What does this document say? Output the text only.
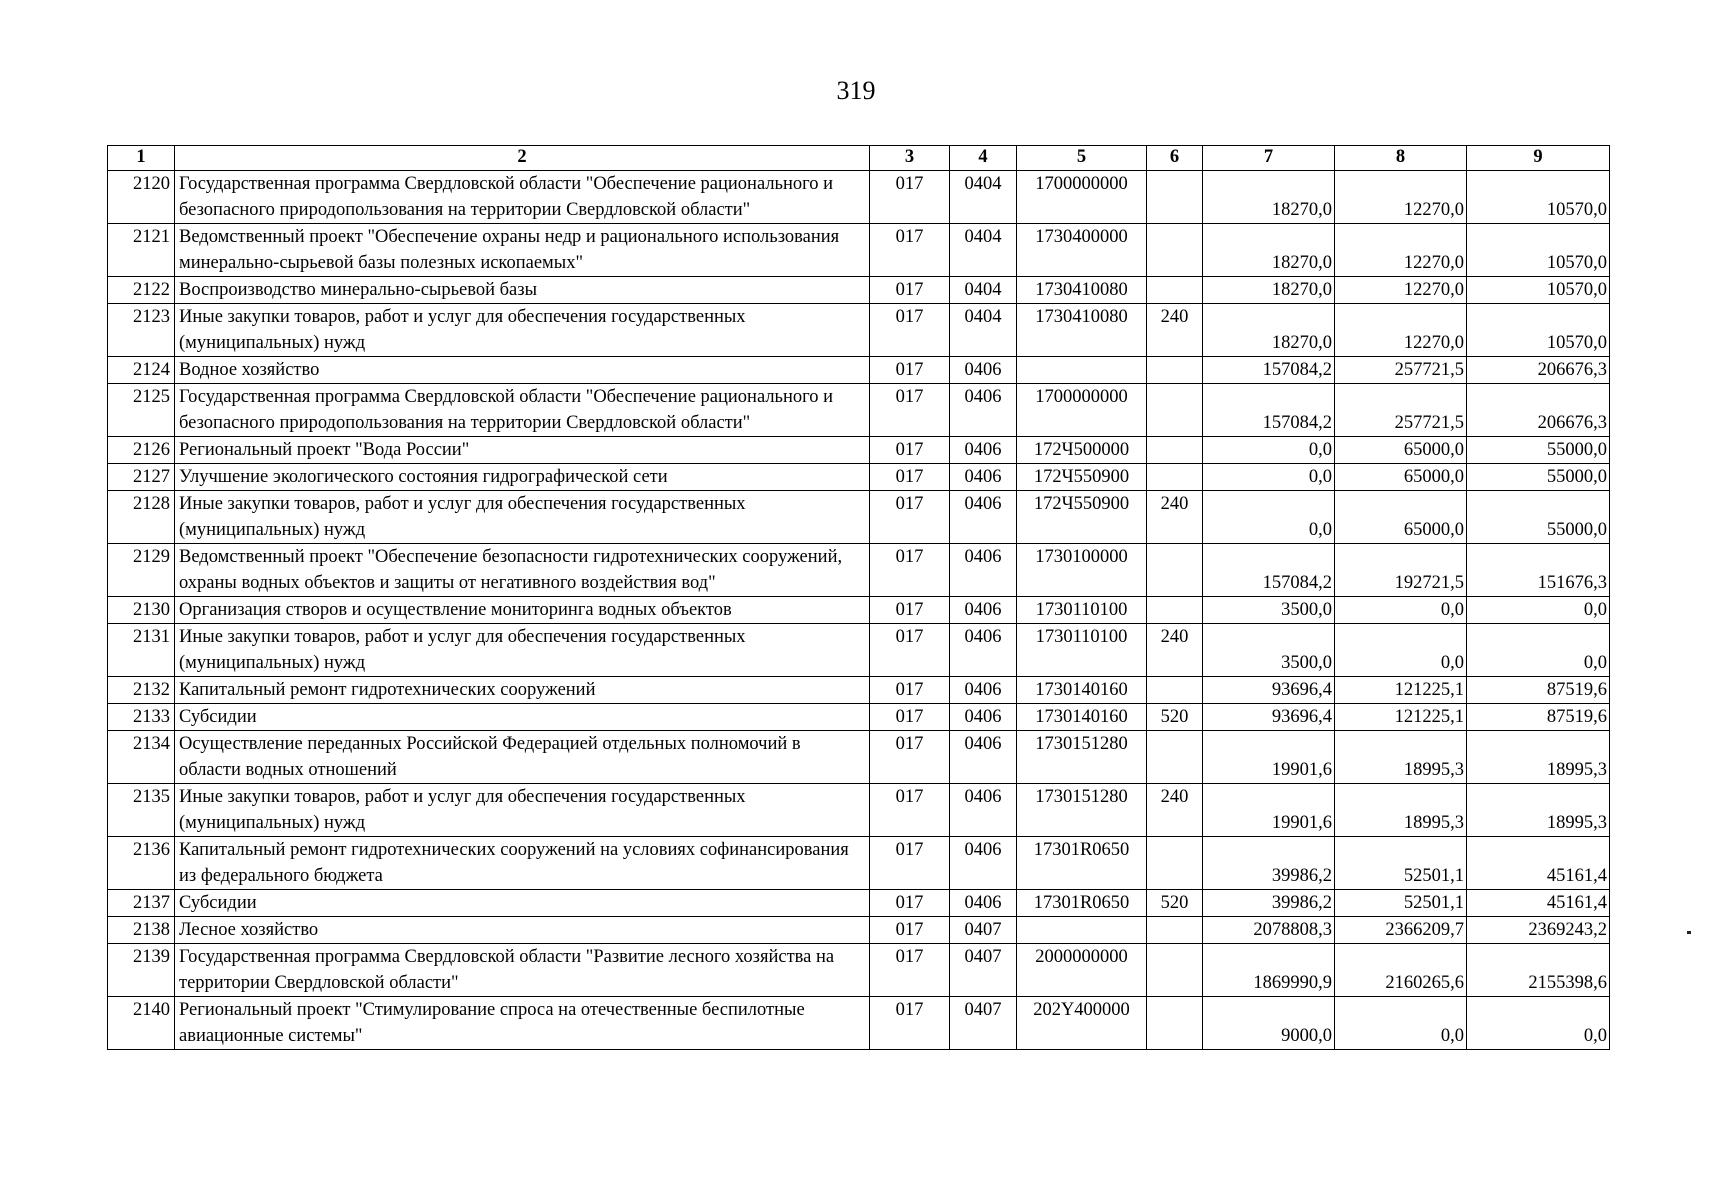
319
1	2	3	4	5	6	7	8	9
2120	Государственная программа Свердловской области "Обеспечение рационального и безопасного природопользования на территории Свердловской области"	017	0404	1700000000		18270,0	12270,0	10570,0
2121	Ведомственный проект "Обеспечение охраны недр и рационального использования минерально-сырьевой базы полезных ископаемых"	017	0404	1730400000		18270,0	12270,0	10570,0
2122	Воспроизводство минерально-сырьевой базы	017	0404	1730410080		18270,0	12270,0	10570,0
2123	Иные закупки товаров, работ и услуг для обеспечения государственных (муниципальных) нужд	017	0404	1730410080	240	18270,0	12270,0	10570,0
2124	Водное хозяйство	017	0406			157084,2	257721,5	206676,3
2125	Государственная программа Свердловской области "Обеспечение рационального и безопасного природопользования на территории Свердловской области"	017	0406	1700000000		157084,2	257721,5	206676,3
2126	Региональный проект "Вода России"	017	0406	172Ч500000		0,0	65000,0	55000,0
2127	Улучшение экологического состояния гидрографической сети	017	0406	172Ч550900		0,0	65000,0	55000,0
2128	Иные закупки товаров, работ и услуг для обеспечения государственных (муниципальных) нужд	017	0406	172Ч550900	240	0,0	65000,0	55000,0
2129	Ведомственный проект "Обеспечение безопасности гидротехнических сооружений, охраны водных объектов и защиты от негативного воздействия вод"	017	0406	1730100000		157084,2	192721,5	151676,3
2130	Организация створов и осуществление мониторинга водных объектов	017	0406	1730110100		3500,0	0,0	0,0
2131	Иные закупки товаров, работ и услуг для обеспечения государственных (муниципальных) нужд	017	0406	1730110100	240	3500,0	0,0	0,0
2132	Капитальный ремонт гидротехнических сооружений	017	0406	1730140160		93696,4	121225,1	87519,6
2133	Субсидии	017	0406	1730140160	520	93696,4	121225,1	87519,6
2134	Осуществление переданных Российской Федерацией отдельных полномочий в области водных отношений	017	0406	1730151280		19901,6	18995,3	18995,3
2135	Иные закупки товаров, работ и услуг для обеспечения государственных (муниципальных) нужд	017	0406	1730151280	240	19901,6	18995,3	18995,3
2136	Капитальный ремонт гидротехнических сооружений на условиях софинансирования из федерального бюджета	017	0406	17301R0650		39986,2	52501,1	45161,4
2137	Субсидии	017	0406	17301R0650	520	39986,2	52501,1	45161,4
2138	Лесное хозяйство	017	0407			2078808,3	2366209,7	2369243,2
2139	Государственная программа Свердловской области "Развитие лесного хозяйства на территории Свердловской области"	017	0407	2000000000		1869990,9	2160265,6	2155398,6
2140	Региональный проект "Стимулирование спроса на отечественные беспилотные авиационные системы"	017	0407	202Y400000		9000,0	0,0	0,0
